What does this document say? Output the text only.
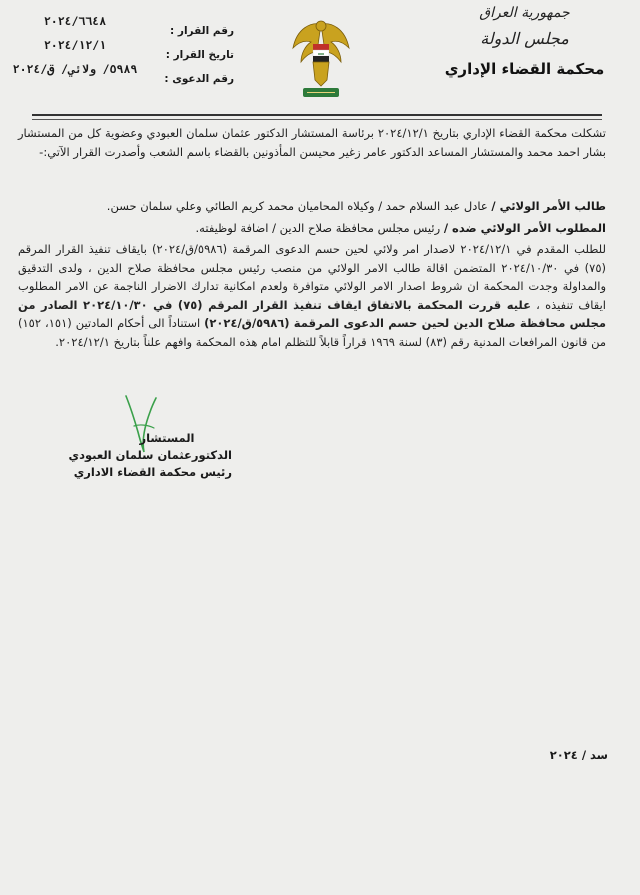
جمهورية العراق
مجلس الدولة
محكمة القضاء الإداري
رقم القرار :
تاريخ القرار :
رقم الدعوى :
٢٠٢٤/٦٦٤٨
٢٠٢٤/١٢/١
٥٩٨٩/ ولائي/ ق/٢٠٢٤
تشكلت محكمة القضاء الإداري بتاريخ ٢٠٢٤/١٢/١ برئاسة المستشار الدكتور عثمان سلمان العبودي وعضوية كل من المستشار بشار احمد محمد والمستشار المساعد الدكتور عامر زغير محيسن المأذونين بالقضاء باسم الشعب وأصدرت القرار الآتي:-
طالب الأمر الولائي / عادل عبد السلام حمد / وكيلاه المحاميان محمد كريم الطائي وعلي سلمان حسن.
المطلوب الأمر الولائي ضده / رئيس مجلس محافظة صلاح الدين / اضافة لوظيفته.
للطلب المقدم في ٢٠٢٤/١٢/١ لاصدار امر ولائي لحين حسم الدعوى المرقمة (٥٩٨٦/ق/٢٠٢٤) بايقاف تنفيذ القرار المرقم (٧٥) في ٢٠٢٤/١٠/٣٠ المتضمن اقالة طالب الامر الولائي من منصب رئيس مجلس محافظة صلاح الدين ، ولدى التدقيق والمداولة وجدت المحكمة ان شروط اصدار الامر الولائي متوافرة ولعدم امكانية تدارك الاضرار الناجمة عن الامر المطلوب ايقاف تنفيذه ، عليه قررت المحكمة بالاتفاق ايقاف تنفيذ القرار المرقم (٧٥) في ٢٠٢٤/١٠/٣٠ الصادر من مجلس محافظة صلاح الدين لحين حسم الدعوى المرقمة (٥٩٨٦/ق/٢٠٢٤) استناداً الى أحكام المادتين (١٥١، ١٥٢) من قانون المرافعات المدنية رقم (٨٣) لسنة ١٩٦٩ قراراً قابلاً للتظلم امام هذه المحكمة وافهم علناً بتاريخ ٢٠٢٤/١٢/١.
المستشار
الدكتورعثمان سلمان العبودي
رئيس محكمة القضاء الاداري
سد / ٢٠٢٤
